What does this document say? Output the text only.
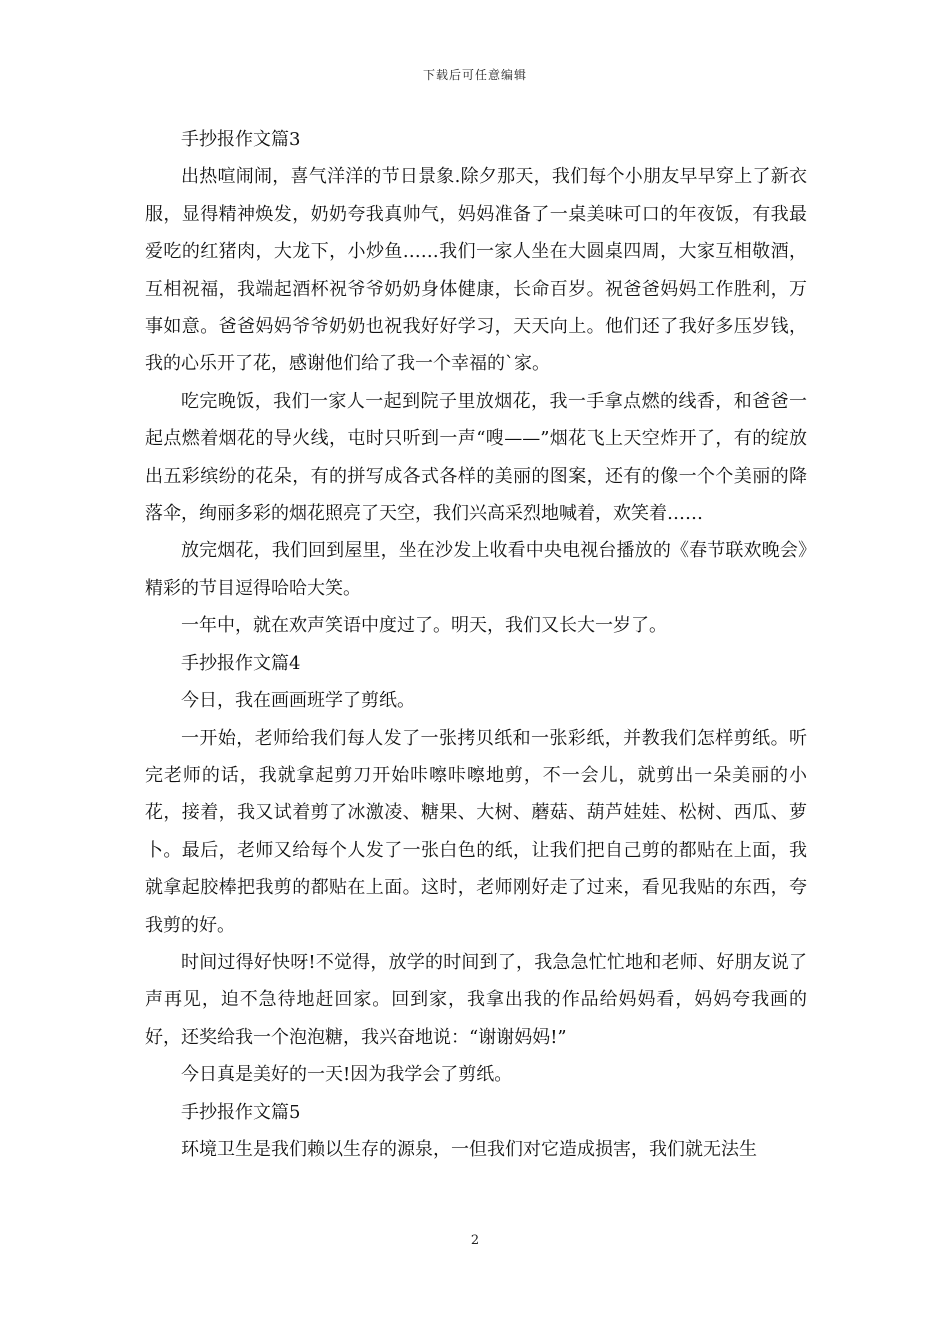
下载后可任意编辑

手抄报作文篇3

出热喧闹闹，喜气洋洋的节日景象.除夕那天，我们每个小朋友早早穿上了新衣服，显得精神焕发，奶奶夸我真帅气，妈妈准备了一桌美味可口的年夜饭，有我最爱吃的红猪肉，大龙下，小炒鱼……我们一家人坐在大圆桌四周，大家互相敬酒，互相祝福，我端起酒杯祝爷爷奶奶身体健康，长命百岁。祝爸爸妈妈工作胜利，万事如意。爸爸妈妈爷爷奶奶也祝我好好学习，天天向上。他们还了我好多压岁钱，我的心乐开了花，感谢他们给了我一个幸福的`家。

吃完晚饭，我们一家人一起到院子里放烟花，我一手拿点燃的线香，和爸爸一起点燃着烟花的导火线，屯时只听到一声“嗖——”烟花飞上天空炸开了，有的绽放出五彩缤纷的花朵，有的拼写成各式各样的美丽的图案，还有的像一个个美丽的降落伞，绚丽多彩的烟花照亮了天空，我们兴高采烈地喊着，欢笑着……

放完烟花，我们回到屋里，坐在沙发上收看中央电视台播放的《春节联欢晚会》精彩的节目逗得哈哈大笑。

一年中，就在欢声笑语中度过了。明天，我们又长大一岁了。

手抄报作文篇4

今日，我在画画班学了剪纸。

一开始，老师给我们每人发了一张拷贝纸和一张彩纸，并教我们怎样剪纸。听完老师的话，我就拿起剪刀开始咔嚓咔嚓地剪，不一会儿，就剪出一朵美丽的小花，接着，我又试着剪了冰激凌、糖果、大树、蘑菇、葫芦娃娃、松树、西瓜、萝卜。最后，老师又给每个人发了一张白色的纸，让我们把自己剪的都贴在上面，我就拿起胶棒把我剪的都贴在上面。这时，老师刚好走了过来，看见我贴的东西，夸我剪的好。

时间过得好快呀!不觉得，放学的时间到了，我急急忙忙地和老师、好朋友说了声再见，迫不急待地赶回家。回到家，我拿出我的作品给妈妈看，妈妈夸我画的好，还奖给我一个泡泡糖，我兴奋地说：“谢谢妈妈!”

今日真是美好的一天!因为我学会了剪纸。

手抄报作文篇5

环境卫生是我们赖以生存的源泉，一但我们对它造成损害，我们就无法生

2
